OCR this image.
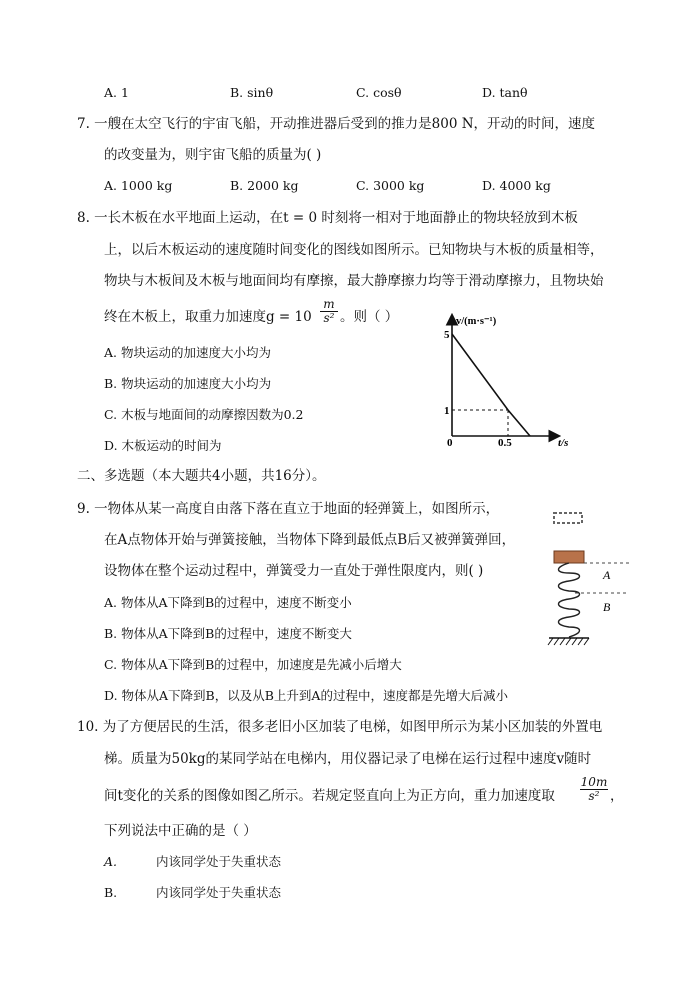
A. 1	B. sinθ	C. cosθ	D. tanθ
7. 一艘在太空飞行的宇宙飞船，开动推进器后受到的推力是800 N，开动的时间，速度
的改变量为，则宇宙飞船的质量为( )
A. 1000 kg	B. 2000 kg	C. 3000 kg	D. 4000 kg
8. 一长木板在水平地面上运动，在t = 0 时刻将一相对于地面静止的物块轻放到木板
上，以后木板运动的速度随时间变化的图线如图所示。已知物块与木板的质量相等，
物块与木板间及木板与地面间均有摩擦，最大静摩擦力均等于滑动摩擦力，且物块始
终在木板上，取重力加速度$g = 10 \frac{m}{\text{s²}}$ 。则（ ）
A. 物块运动的加速度大小均为
B. 物块运动的加速度大小均为
C. 木板与地面间的动摩擦因数为0.2
D. 木板运动的时间为
v/(m·s⁻¹)
t/s
0
5
1
0.5
二、多选题（本大题共4小题，共16分）。
9. 一物体从某一高度自由落下落在直立于地面的轻弹簧上，如图所示，
在A点物体开始与弹簧接触，当物体下降到最低点B后又被弹簧弹回，
设物体在整个运动过程中，弹簧受力一直处于弹性限度内，则( )
A. 物体从A下降到B的过程中，速度不断变小
B. 物体从A下降到B的过程中，速度不断变大
C. 物体从A下降到B的过程中，加速度是先减小后增大
D. 物体从A下降到B，以及从B上升到A的过程中，速度都是先增大后减小
A
B
10. 为了方便居民的生活，很多老旧小区加装了电梯，如图甲所示为某小区加装的外置电
梯。质量为50kg的某同学站在电梯内，用仪器记录了电梯在运行过程中速度v随时
间t变化的关系的图像如图乙所示。若规定竖直向上为正方向，重力加速度取 $\frac{10m}{\text{s²}}$ ，
下列说法中正确的是（ ）
A.	内该同学处于失重状态
B.	内该同学处于失重状态
